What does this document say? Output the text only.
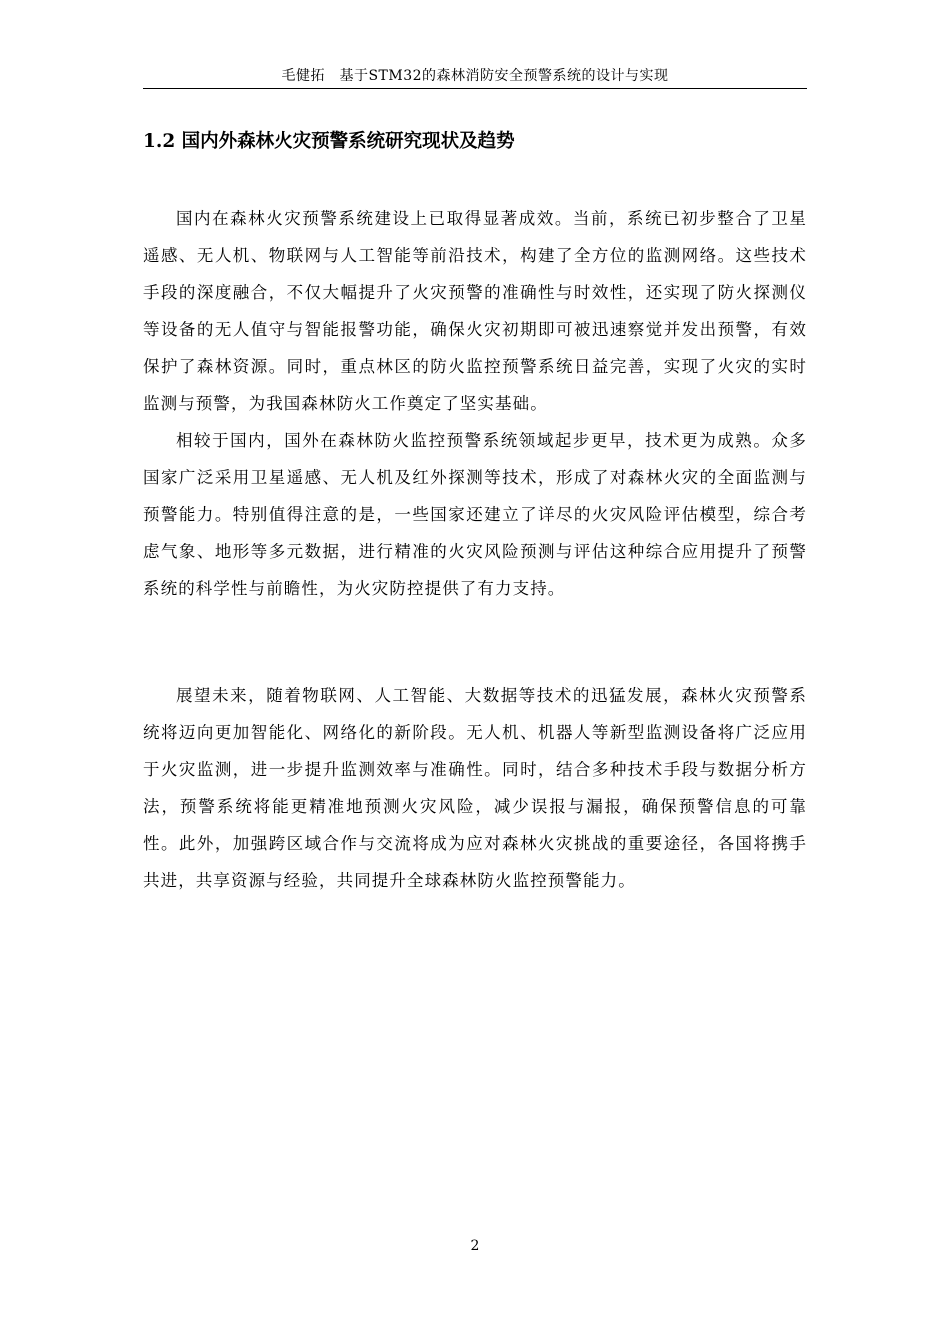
毛健拓　基于STM32的森林消防安全预警系统的设计与实现
1.2 国内外森林火灾预警系统研究现状及趋势

国内在森林火灾预警系统建设上已取得显著成效。当前，系统已初步整合了卫星遥感、无人机、物联网与人工智能等前沿技术，构建了全方位的监测网络。这些技术手段的深度融合，不仅大幅提升了火灾预警的准确性与时效性，还实现了防火探测仪等设备的无人值守与智能报警功能，确保火灾初期即可被迅速察觉并发出预警，有效保护了森林资源。同时，重点林区的防火监控预警系统日益完善，实现了火灾的实时监测与预警，为我国森林防火工作奠定了坚实基础。

相较于国内，国外在森林防火监控预警系统领域起步更早，技术更为成熟。众多国家广泛采用卫星遥感、无人机及红外探测等技术，形成了对森林火灾的全面监测与预警能力。特别值得注意的是，一些国家还建立了详尽的火灾风险评估模型，综合考虑气象、地形等多元数据，进行精准的火灾风险预测与评估这种综合应用提升了预警系统的科学性与前瞻性，为火灾防控提供了有力支持。

展望未来，随着物联网、人工智能、大数据等技术的迅猛发展，森林火灾预警系统将迈向更加智能化、网络化的新阶段。无人机、机器人等新型监测设备将广泛应用于火灾监测，进一步提升监测效率与准确性。同时，结合多种技术手段与数据分析方法，预警系统将能更精准地预测火灾风险，减少误报与漏报，确保预警信息的可靠性。此外，加强跨区域合作与交流将成为应对森林火灾挑战的重要途径，各国将携手共进，共享资源与经验，共同提升全球森林防火监控预警能力。

2
